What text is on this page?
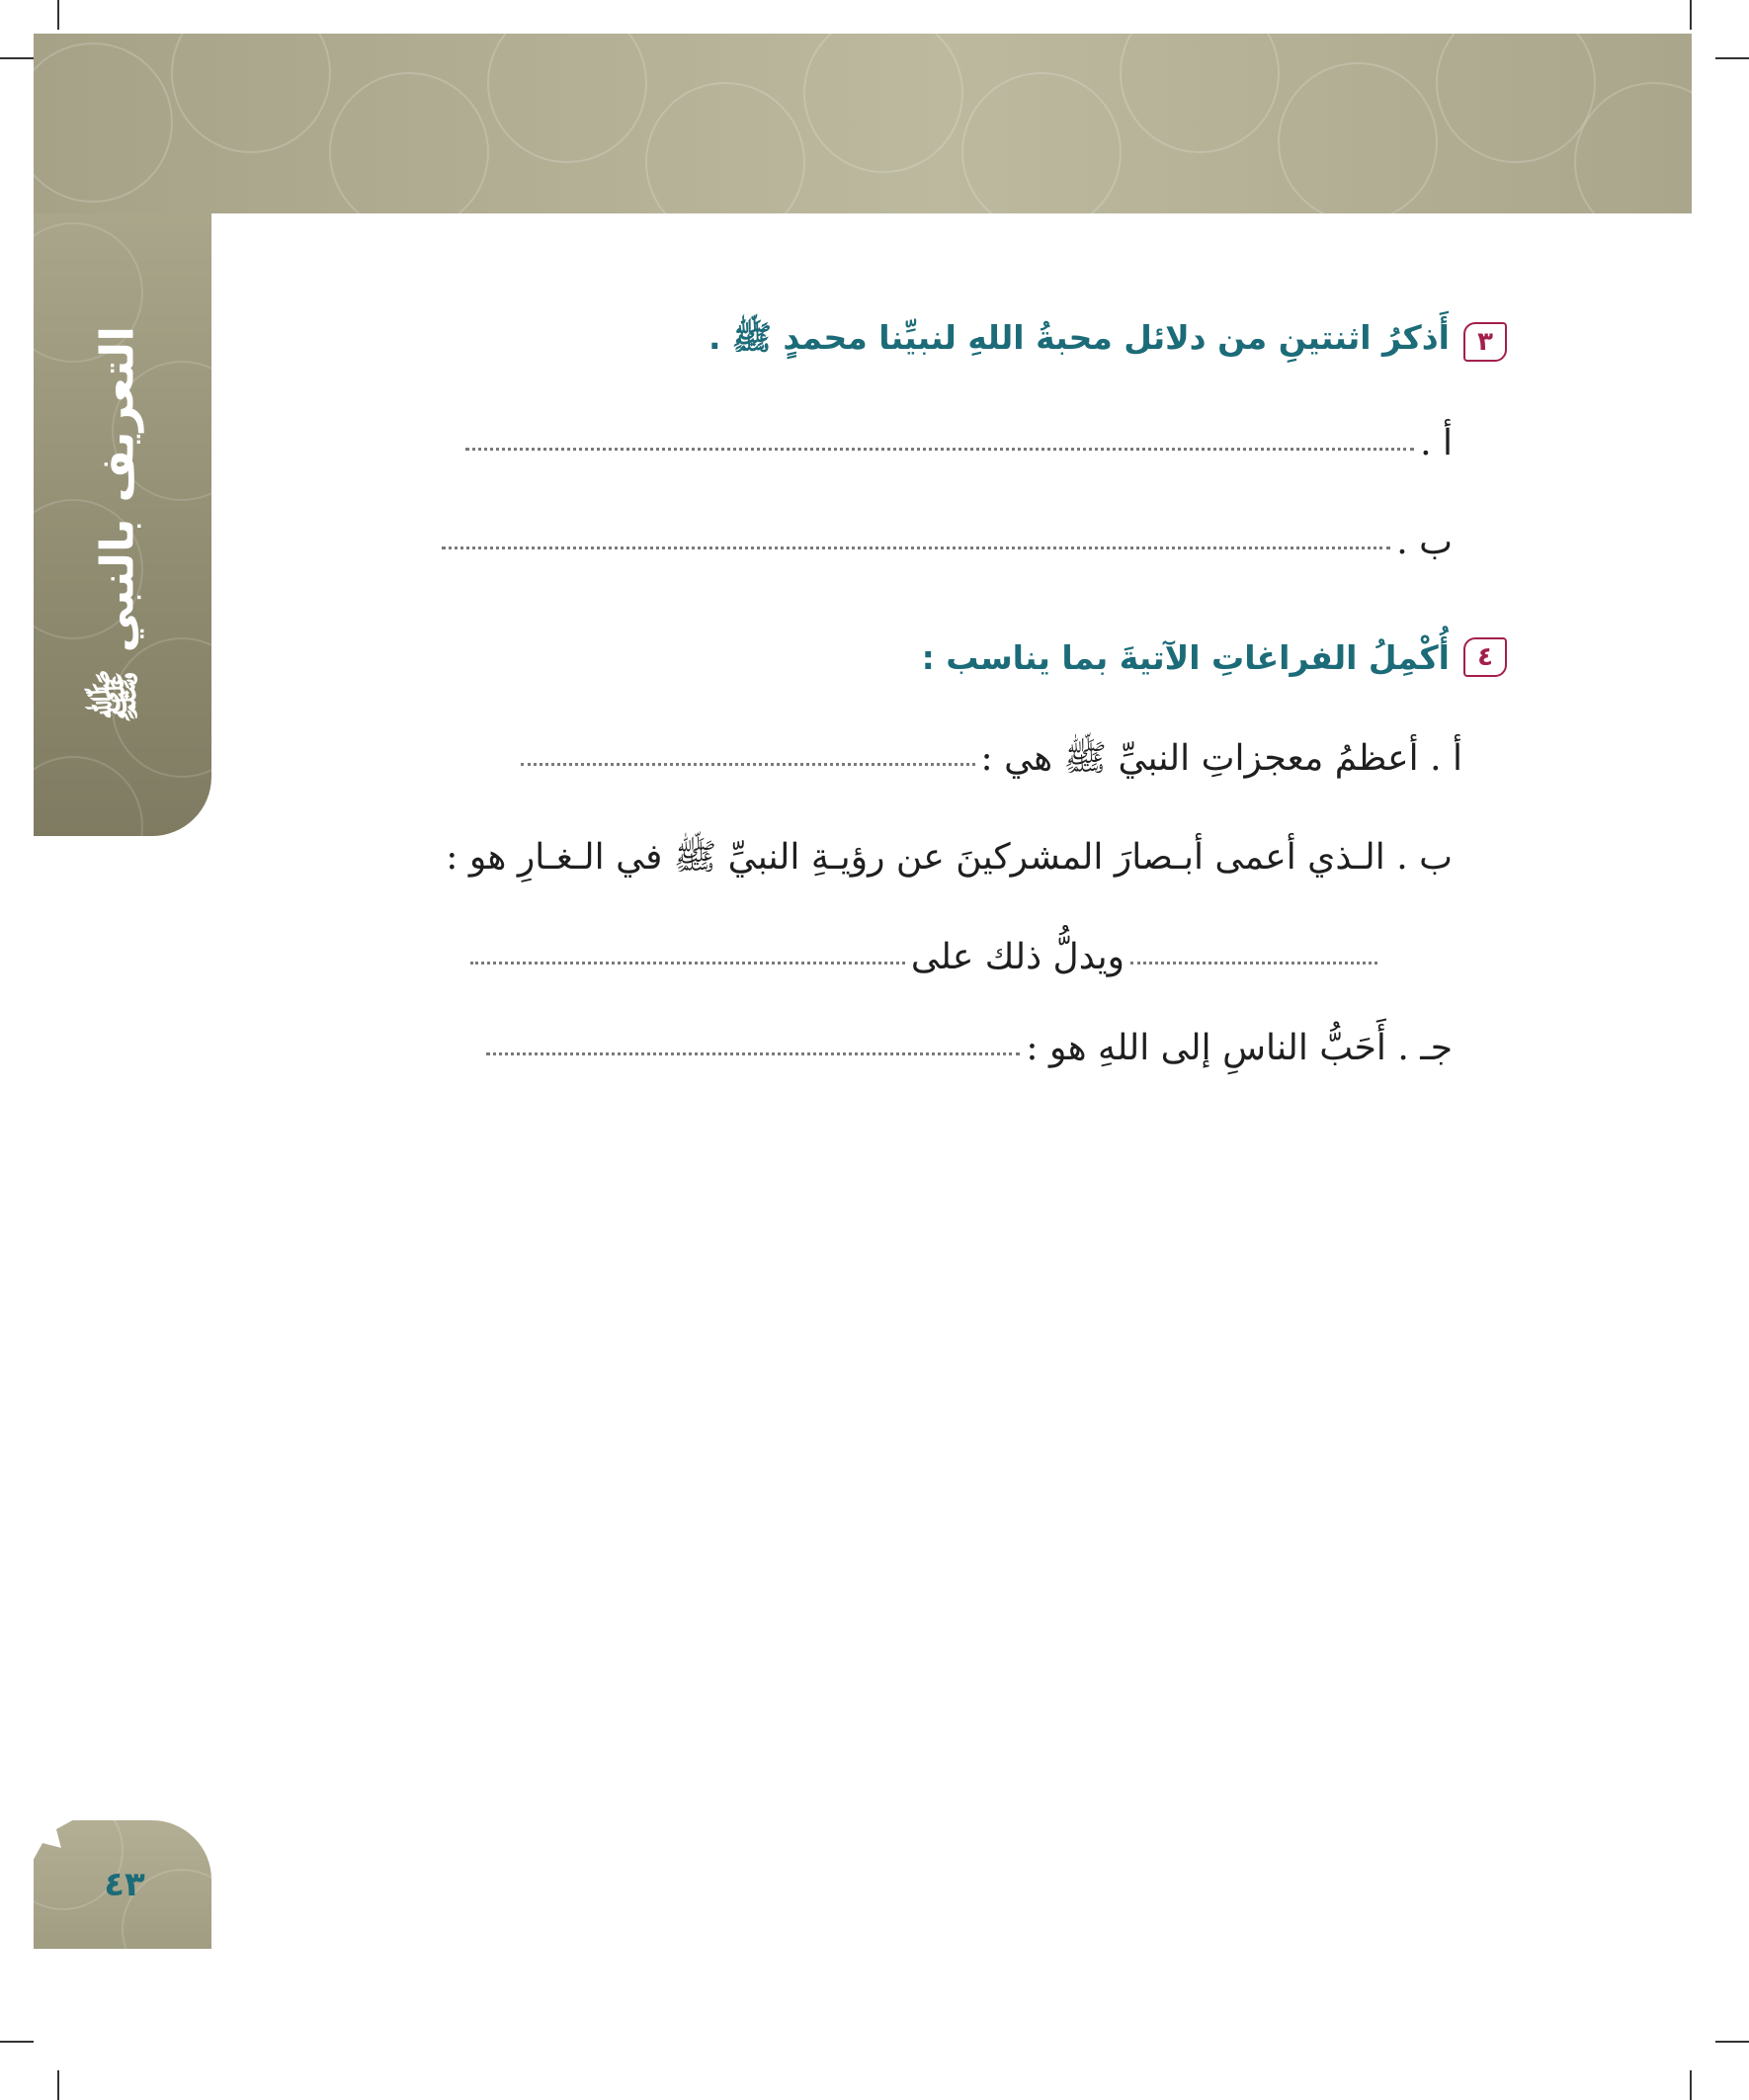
التعريف بالنبي ﷺ	٣
أَذكرُ اثنتينِ من دلائل محبةُ اللهِ لنبيِّنا محمدٍ ﷺ .
أ .
ب .
٤
أُكْمِلُ الفراغاتِ الآتيةَ بما يناسب :
أ . أعظمُ معجزاتِ النبيِّ ﷺ هي :
ب . الـذي أعمى أبـصارَ المشركينَ عن رؤيـةِ النبيِّ ﷺ في الـغـارِ هو :
ويدلُّ ذلك على
جـ . أَحَبُّ الناسِ إلى اللهِ هو :
٤٣
